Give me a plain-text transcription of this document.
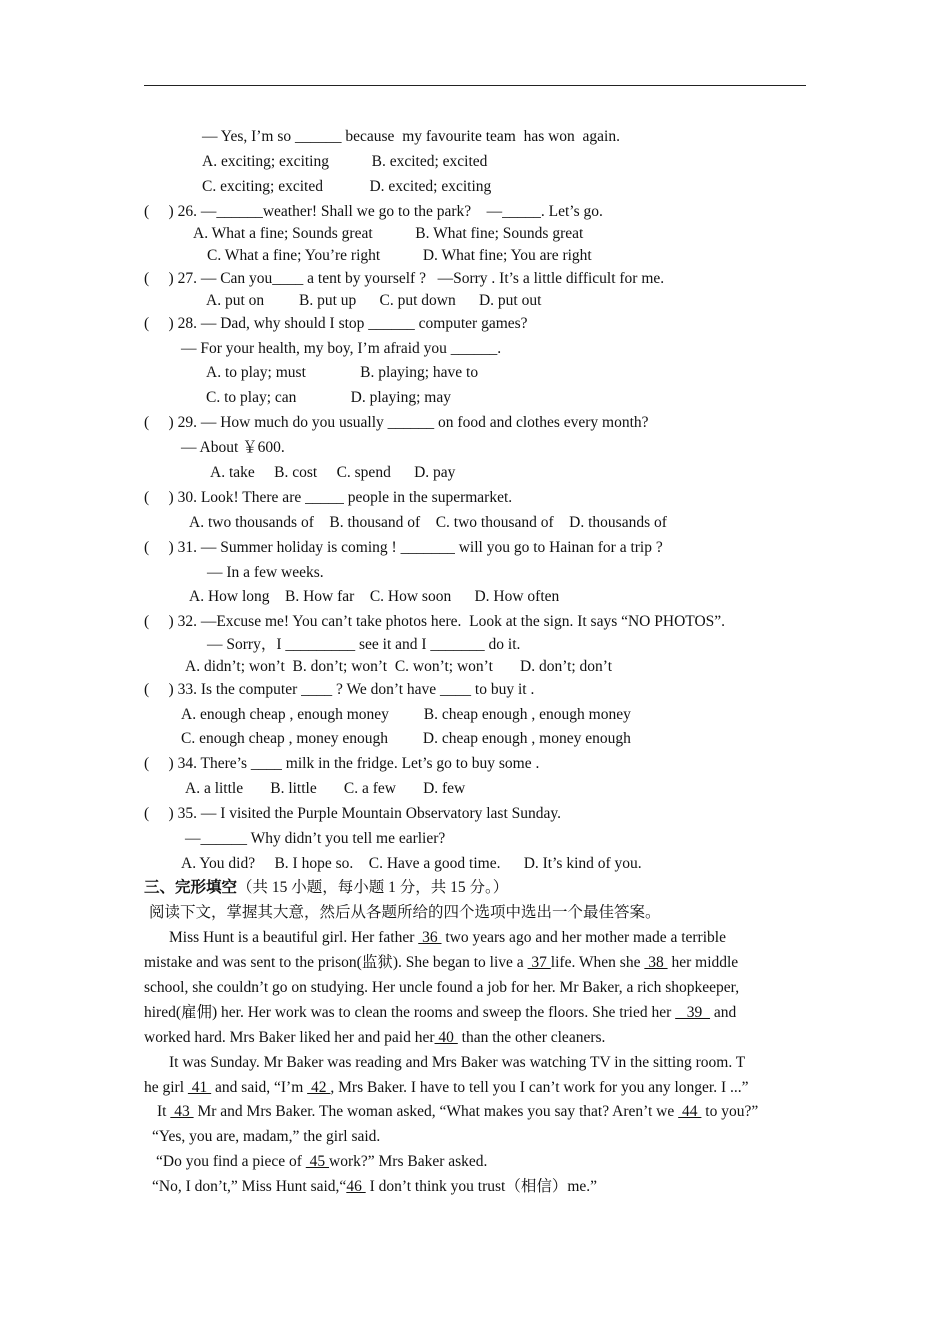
— Yes, I’m so ______ because  my favourite team  has won  again.
A. exciting; exciting           B. excited; excited
C. exciting; excited            D. excited; exciting
(     ) 26. —______weather! Shall we go to the park?    —_____. Let’s go.
A. What a fine; Sounds great           B. What fine; Sounds great
C. What a fine; You’re right           D. What fine; You are right
(     ) 27. — Can you____ a tent by yourself ?   —Sorry . It’s a little difficult for me.
A. put on         B. put up      C. put down      D. put out
(     ) 28. — Dad, why should I stop ______ computer games?
— For your health, my boy, I’m afraid you ______.
A. to play; must              B. playing; have to
C. to play; can              D. playing; may
(     ) 29. — How much do you usually ______ on food and clothes every month?
— About ￥600.
A. take     B. cost     C. spend      D. pay
(     ) 30. Look! There are _____ people in the supermarket.
A. two thousands of    B. thousand of    C. two thousand of    D. thousands of
(     ) 31. — Summer holiday is coming ! _______ will you go to Hainan for a trip ?
— In a few weeks.
A. How long    B. How far    C. How soon      D. How often
(     ) 32. —Excuse me! You can’t take photos here.  Look at the sign. It says “NO PHOTOS”.
— Sorry，I _________ see it and I _______ do it.
A. didn’t; won’t  B. don’t; won’t  C. won’t; won’t       D. don’t; don’t
(     ) 33. Is the computer ____ ? We don’t have ____ to buy it .
A. enough cheap , enough money         B. cheap enough , enough money
C. enough cheap , money enough         D. cheap enough , money enough
(     ) 34. There’s ____ milk in the fridge. Let’s go to buy some .
A. a little       B. little       C. a few       D. few
(     ) 35. — I visited the Purple Mountain Observatory last Sunday.
—______ Why didn’t you tell me earlier?
A. You did?     B. I hope so.    C. Have a good time.      D. It’s kind of you.
三、完形填空（共 15 小题，每小题 1 分，共 15 分。）
阅读下文，掌握其大意，然后从各题所给的四个选项中选出一个最佳答案。
Miss Hunt is a beautiful girl. Her father  36  two years ago and her mother made a terrible
mistake and was sent to the prison(监狱). She began to live a  37 life. When she  38  her middle
school, she couldn’t go on studying. Her uncle found a job for her. Mr Baker, a rich shopkeeper,
hired(雇佣) her. Her work was to clean the rooms and sweep the floors. She tried her    39   and
worked hard. Mrs Baker liked her and paid her 40  than the other cleaners.
It was Sunday. Mr Baker was reading and Mrs Baker was watching TV in the sitting room. T
he girl  41  and said, “I’m  42 , Mrs Baker. I have to tell you I can’t work for you any longer. I ...”
It  43  Mr and Mrs Baker. The woman asked, “What makes you say that? Aren’t we  44  to you?”
“Yes, you are, madam,” the girl said.
“Do you find a piece of  45 work?” Mrs Baker asked.
“No, I don’t,” Miss Hunt said,“46  I don’t think you trust（相信）me.”
